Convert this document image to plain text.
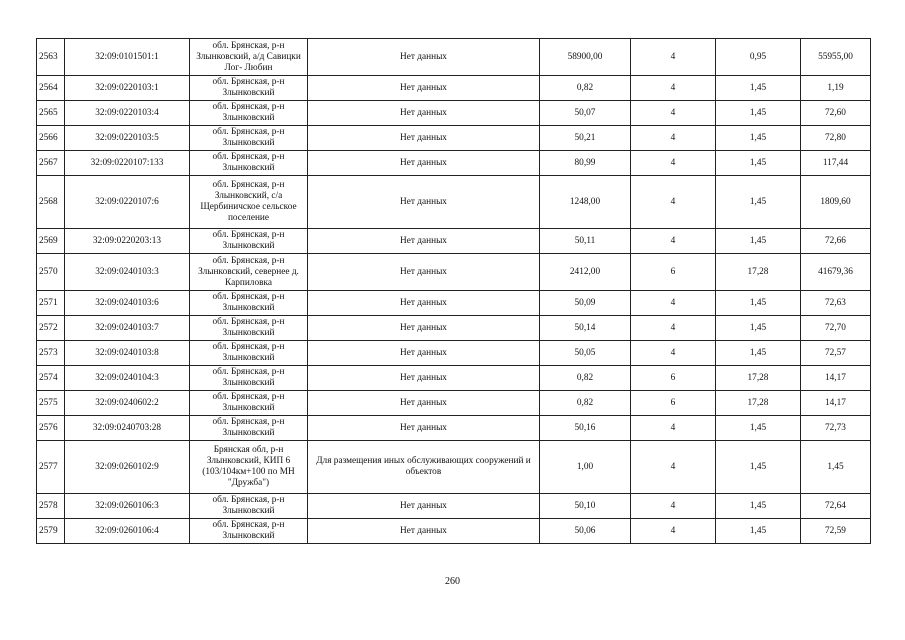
2563	32:09:0101501:1	обл. Брянская, р-н Злынковский, а/д Савицки Лог- Любин	Нет данных	58900,00	4	0,95	55955,00
2564	32:09:0220103:1	обл. Брянская, р-н Злынковский	Нет данных	0,82	4	1,45	1,19
2565	32:09:0220103:4	обл. Брянская, р-н Злынковский	Нет данных	50,07	4	1,45	72,60
2566	32:09:0220103:5	обл. Брянская, р-н Злынковский	Нет данных	50,21	4	1,45	72,80
2567	32:09:0220107:133	обл. Брянская, р-н Злынковский	Нет данных	80,99	4	1,45	117,44
2568	32:09:0220107:6	обл. Брянская, р-н Злынковский, с/а Щербиничское сельское поселение	Нет данных	1248,00	4	1,45	1809,60
2569	32:09:0220203:13	обл. Брянская, р-н Злынковский	Нет данных	50,11	4	1,45	72,66
2570	32:09:0240103:3	обл. Брянская, р-н Злынковский, севернее д. Карпиловка	Нет данных	2412,00	6	17,28	41679,36
2571	32:09:0240103:6	обл. Брянская, р-н Злынковский	Нет данных	50,09	4	1,45	72,63
2572	32:09:0240103:7	обл. Брянская, р-н Злынковский	Нет данных	50,14	4	1,45	72,70
2573	32:09:0240103:8	обл. Брянская, р-н Злынковский	Нет данных	50,05	4	1,45	72,57
2574	32:09:0240104:3	обл. Брянская, р-н Злынковский	Нет данных	0,82	6	17,28	14,17
2575	32:09:0240602:2	обл. Брянская, р-н Злынковский	Нет данных	0,82	6	17,28	14,17
2576	32:09:0240703:28	обл. Брянская, р-н Злынковский	Нет данных	50,16	4	1,45	72,73
2577	32:09:0260102:9	Брянская обл, р-н Злынковский, КИП 6 (103/104км+100 по МН "Дружба")	Для размещения иных обслуживающих сооружений и объектов	1,00	4	1,45	1,45
2578	32:09:0260106:3	обл. Брянская, р-н Злынковский	Нет данных	50,10	4	1,45	72,64
2579	32:09:0260106:4	обл. Брянская, р-н Злынковский	Нет данных	50,06	4	1,45	72,59
260
